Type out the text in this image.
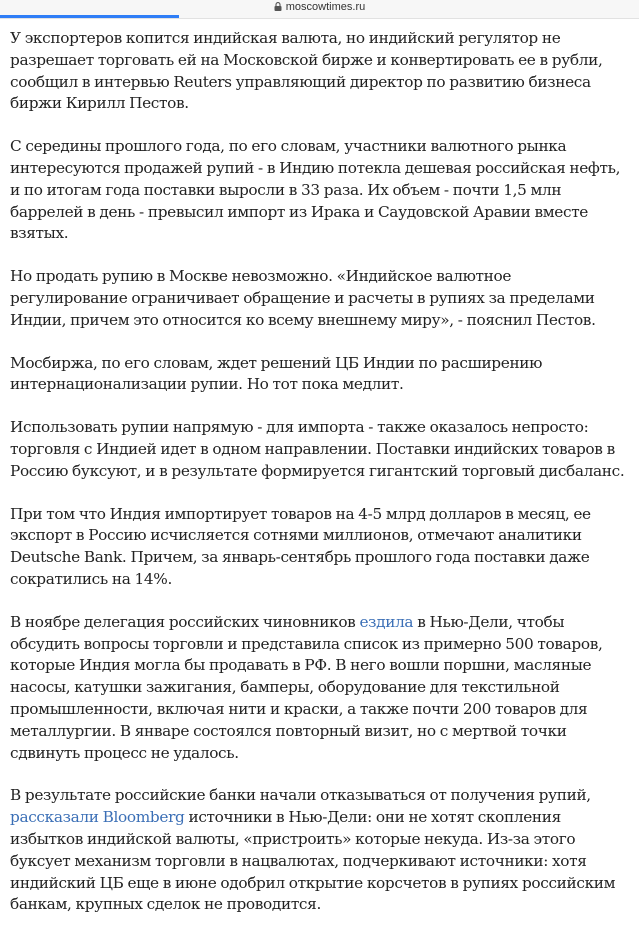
moscowtimes.ru

У экспортеров копится индийская валюта, но индийский регулятор не разрешает торговать ей на Московской бирже и конвертировать ее в рубли, сообщил в интервью Reuters управляющий директор по развитию бизнеса биржи Кирилл Пестов.

С середины прошлого года, по его словам, участники валютного рынка интересуются продажей рупий - в Индию потекла дешевая российская нефть, и по итогам года поставки выросли в 33 раза. Их объем - почти 1,5 млн баррелей в день - превысил импорт из Ирака и Саудовской Аравии вместе взятых.

Но продать рупию в Москве невозможно. «Индийское валютное регулирование ограничивает обращение и расчеты в рупиях за пределами Индии, причем это относится ко всему внешнему миру», - пояснил Пестов.

Мосбиржа, по его словам, ждет решений ЦБ Индии по расширению интернационализации рупии. Но тот пока медлит.

Использовать рупии напрямую - для импорта - также оказалось непросто: торговля с Индией идет в одном направлении. Поставки индийских товаров в Россию буксуют, и в результате формируется гигантский торговый дисбаланс.

При том что Индия импортирует товаров на 4-5 млрд долларов в месяц, ее экспорт в Россию исчисляется сотнями миллионов, отмечают аналитики Deutsche Bank. Причем, за январь-сентябрь прошлого года поставки даже сократились на 14%.

В ноябре делегация российских чиновников ездила в Нью-Дели, чтобы обсудить вопросы торговли и представила список из примерно 500 товаров, которые Индия могла бы продавать в РФ. В него вошли поршни, масляные насосы, катушки зажигания, бамперы, оборудование для текстильной промышленности, включая нити и краски, а также почти 200 товаров для металлургии. В январе состоялся повторный визит, но с мертвой точки сдвинуть процесс не удалось.

В результате российские банки начали отказываться от получения рупий, рассказали Bloomberg источники в Нью-Дели: они не хотят скопления избытков индийской валюты, «пристроить» которые некуда. Из-за этого буксует механизм торговли в нацвалютах, подчеркивают источники: хотя индийский ЦБ еще в июне одобрил открытие корсчетов в рупиях российским банкам, крупных сделок не проводится.
